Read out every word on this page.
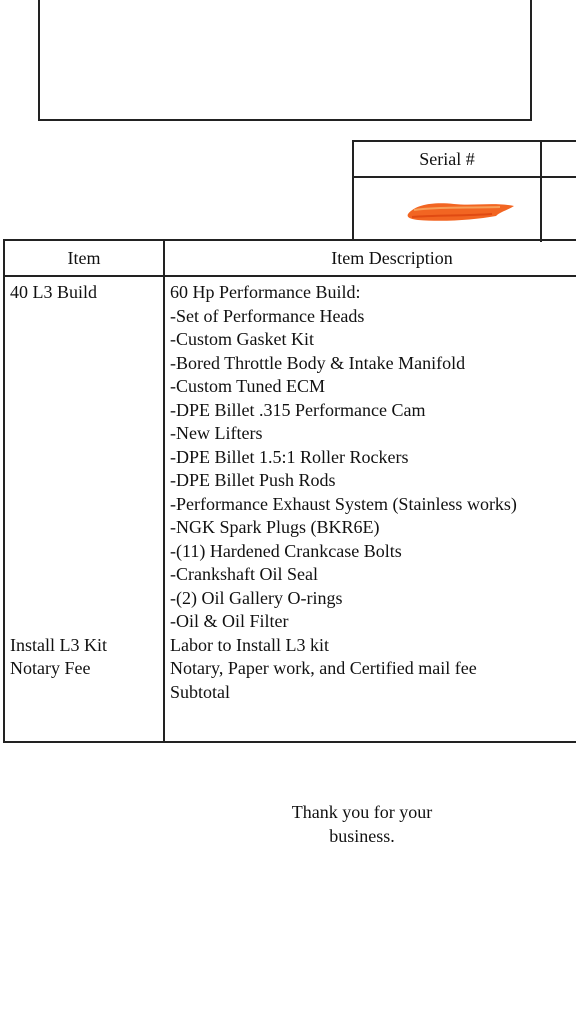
Serial #
Item	Item Description
40 L3 Build
Install L3 Kit
Notary Fee
60 Hp Performance Build:
-Set of Performance Heads
-Custom Gasket Kit
-Bored Throttle Body & Intake Manifold
-Custom Tuned ECM
-DPE Billet .315 Performance Cam
-New Lifters
-DPE Billet 1.5:1 Roller Rockers
-DPE Billet Push Rods
-Performance Exhaust System (Stainless works)
-NGK Spark Plugs (BKR6E)
-(11) Hardened Crankcase Bolts
-Crankshaft Oil Seal
-(2) Oil Gallery O-rings
-Oil & Oil Filter
Labor to Install L3 kit
Notary, Paper work, and Certified mail fee
Subtotal
Thank you for your
business.
